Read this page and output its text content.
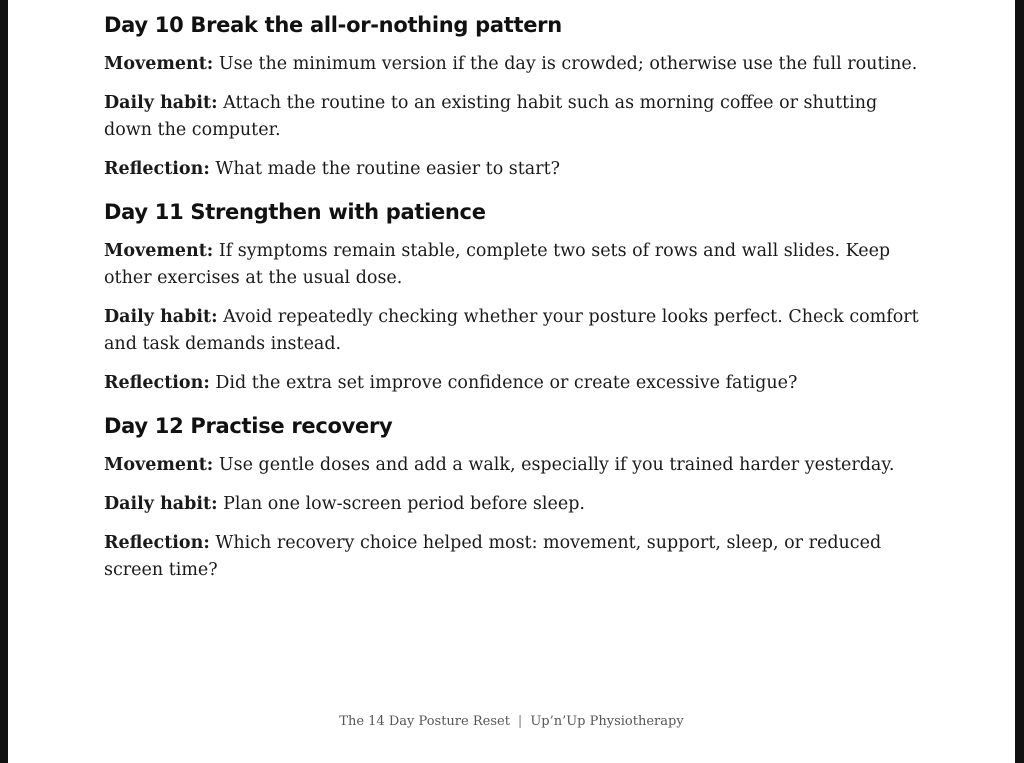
Day 10 Break the all-or-nothing pattern

Movement: Use the minimum version if the day is crowded; otherwise use the full routine.

Daily habit: Attach the routine to an existing habit such as morning coffee or shutting down the computer.

Reflection: What made the routine easier to start?

Day 11 Strengthen with patience

Movement: If symptoms remain stable, complete two sets of rows and wall slides. Keep other exercises at the usual dose.

Daily habit: Avoid repeatedly checking whether your posture looks perfect. Check comfort and task demands instead.

Reflection: Did the extra set improve confidence or create excessive fatigue?

Day 12 Practise recovery

Movement: Use gentle doses and add a walk, especially if you trained harder yesterday.

Daily habit: Plan one low-screen period before sleep.

Reflection: Which recovery choice helped most: movement, support, sleep, or reduced screen time?

The 14 Day Posture Reset | Up’n’Up Physiotherapy
